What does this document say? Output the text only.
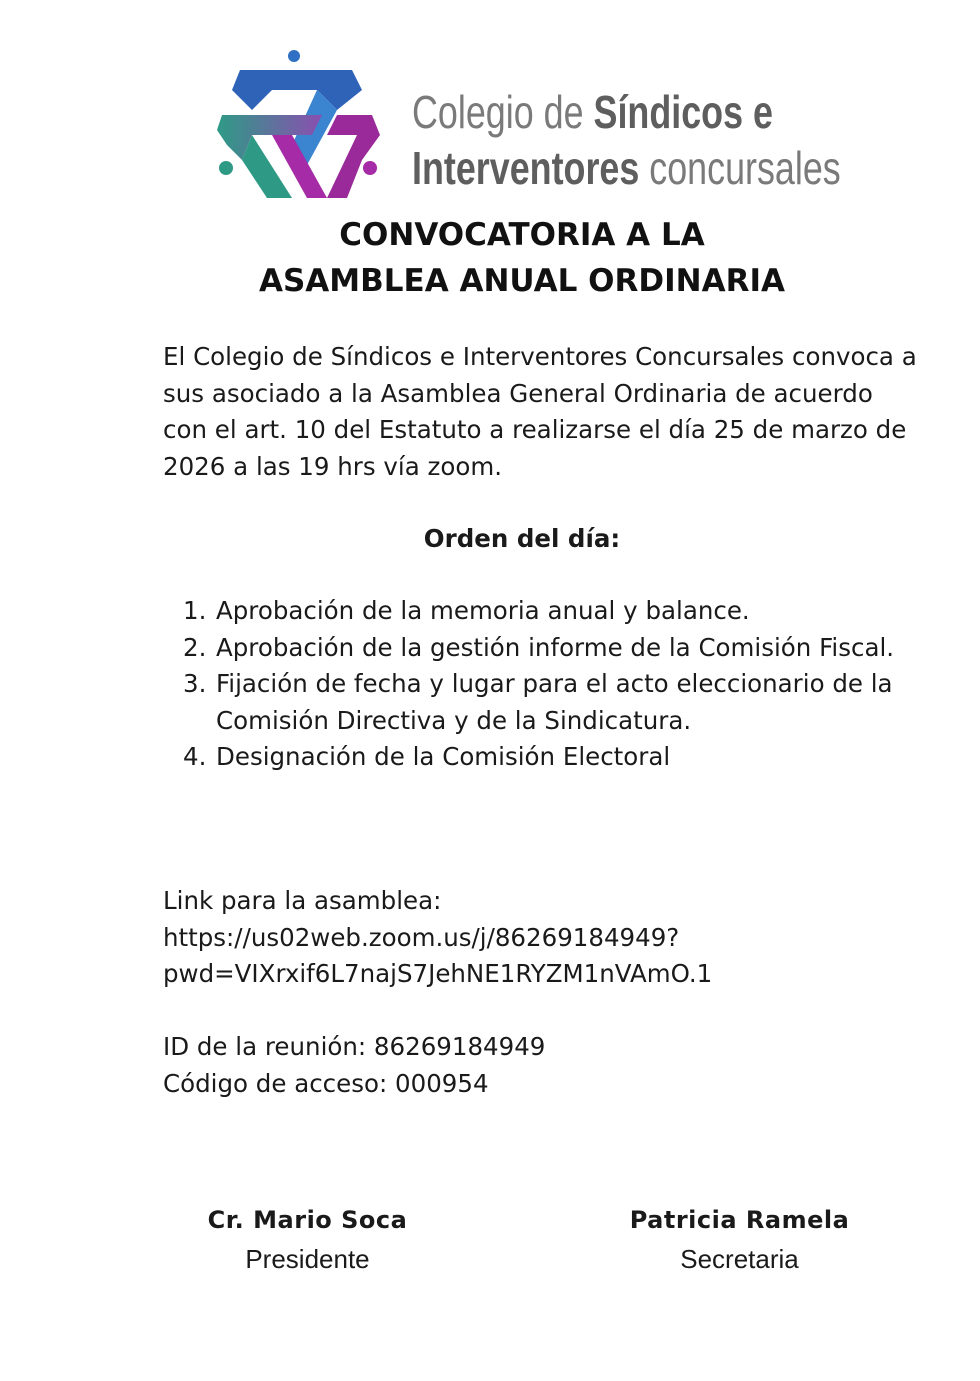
Colegio de Síndicos e
Interventores concursales
CONVOCATORIA A LA
ASAMBLEA ANUAL ORDINARIA
El Colegio de Síndicos e Interventores Concursales convoca a sus asociado a la Asamblea General Ordinaria de acuerdo con el art. 10 del Estatuto a realizarse el día 25 de marzo de 2026 a las 19 hrs vía zoom.
Orden del día:
1. Aprobación de la memoria anual y balance.
2. Aprobación de la gestión informe de la Comisión Fiscal.
3. Fijación de fecha y lugar para el acto eleccionario de la Comisión Directiva y de la Sindicatura.
4. Designación de la Comisión Electoral
Link para la asamblea:
https://us02web.zoom.us/j/86269184949?
pwd=VIXrxif6L7najS7JehNE1RYZM1nVAmO.1
ID de la reunión: 86269184949
Código de acceso: 000954
Cr. Mario Soca
Presidente
Patricia Ramela
Secretaria
